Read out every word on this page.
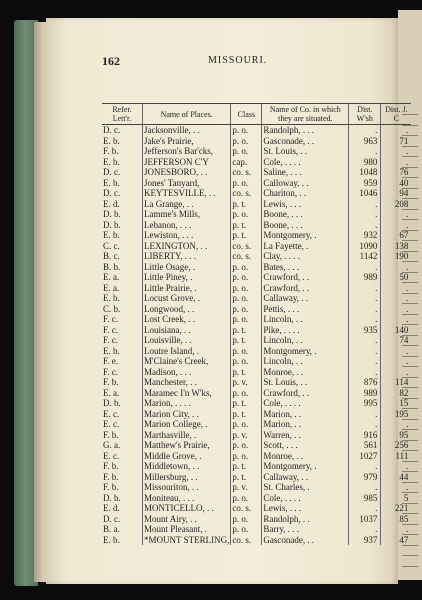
162	MISSOURI.
Refer. Lett'r.	Name of Places.	Class	Name of Co. in which they are situated.	Dist. W'sh	Dist. J. C
D. c.	Jacksonville, . .	p. o.	Randolph, . . .	.	.
E. b.	Jake's Prairie,	p. o.	Gasconade, . .	963	71
F. b.	Jefferson's Bar'cks,	p. o.	St. Louis, . .	.	.
E. b.	JEFFERSON C'Y	cap.	Cole, . . . .	980	.
D. c.	JONESBORO, . .	co. s.	Saline, . . .	1048	76
E. b.	Jones' Tanyard,	p. o.	Calloway, . .	959	40
D. c.	KEYTESVILLE, . .	co. s.	Chariton, . .	1046	94
E. d.	La Grange, . .	p. t.	Lewis, . . .	.	208
D. b.	Lamme's Mills,	p. o.	Boone, . . .	.	.
D. b.	Lebanon, . . .	p. t.	Boone, . . .	.	.
E. b.	Lewiston, . . .	p. t.	Montgomery, .	932	67
C. c.	LEXINGTON, . .	co. s.	La Fayette, .	1090	138
B. c.	LIBERTY, . . .	co. s.	Clay, . . . .	1142	190
B. b.	Little Osage, .	p. o.	Bates, . . .	.	.
E. a.	Little Piney, .	p. o.	Crawford, . .	989	50
E. a.	Little Prairie, .	p. o.	Crawford, . .	.	.
E. b.	Locust Grove, .	p. o.	Callaway, . .	.	.
C. b.	Longwood, . .	p. o.	Pettis, . . .	.	.
F. c.	Lost Creek, . .	p. o.	Lincoln, . .	.	.
F. c.	Louisiana, . .	p. t.	Pike, . . . .	935	140
F. c.	Louisville, . .	p. t.	Lincoln, . .	.	74
E. b.	Loutre Island, .	p. o.	Montgomery, .	.	.
F. e.	M'Claine's Creek,	p. o.	Lincoln, . .	.	.
F. c.	Madison, . . .	p. t.	Monroe, . .	.	.
F. b.	Manchester, . .	p. v.	St. Louis, . .	876	114
E. a.	Maramec I'n W'ks,	p. o.	Crawford, . .	989	82
D. b.	Marion, . . . .	p. t.	Cole, . . . .	995	15
E. c.	Marion City, . .	p. t.	Marion, . .	.	195
E. c.	Marion College, .	p. o.	Marion, . .	.	.
F. b.	Marthasville, .	p. v.	Warren, . .	916	95
G. a.	Matthew's Prairie,	p. o.	Scott, . . .	561	256
E. c.	Middle Grove, .	p. o.	Monroe, . .	1027	111
F. b.	Middletown, . .	p. t.	Montgomery, .	.	.
F. b.	Millersburg, . .	p. t.	Callaway, . .	979	44
F. b.	Missouriton, . .	p. v.	St. Charles, .	.	.
D. b.	Moniteau, . . .	p. o.	Cole, . . . .	985	5
E. d.	MONTICELLO, . .	co. s.	Lewis, . . .	.	221
D. c.	Mount Airy, . .	p. o.	Randolph, . .	1037	85
B. a.	Mount Pleasant, .	p. o.	Barry, . . .	.	.
E. b.	*MOUNT STERLING,	co. s.	Gasconade, . .	937	47
